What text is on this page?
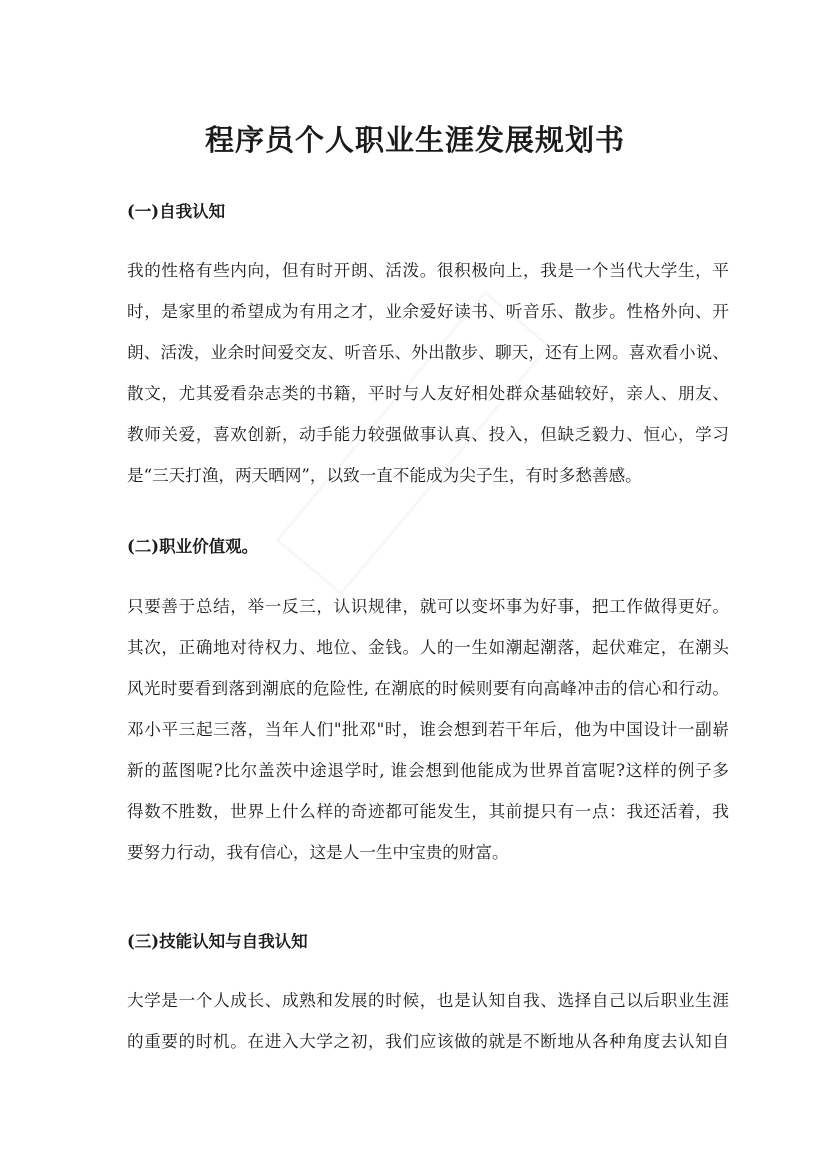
程序员个人职业生涯发展规划书
(一)自我认知
我的性格有些内向，但有时开朗、活泼。很积极向上，我是一个当代大学生，平
时，是家里的希望成为有用之才，业余爱好读书、听音乐、散步。性格外向、开
朗、活泼，业余时间爱交友、听音乐、外出散步、聊天，还有上网。喜欢看小说、
散文，尤其爱看杂志类的书籍，平时与人友好相处群众基础较好，亲人、朋友、
教师关爱，喜欢创新，动手能力较强做事认真、投入，但缺乏毅力、恒心，学习
是“三天打渔，两天晒网”，以致一直不能成为尖子生，有时多愁善感。
(二)职业价值观。
只要善于总结，举一反三，认识规律，就可以变坏事为好事，把工作做得更好。
其次，正确地对待权力、地位、金钱。人的一生如潮起潮落，起伏难定，在潮头
风光时要看到落到潮底的危险性, 在潮底的时候则要有向高峰冲击的信心和行动。
邓小平三起三落，当年人们"批邓"时，谁会想到若干年后，他为中国设计一副崭
新的蓝图呢?比尔盖茨中途退学时, 谁会想到他能成为世界首富呢?这样的例子多
得数不胜数，世界上什么样的奇迹都可能发生，其前提只有一点：我还活着，我
要努力行动，我有信心，这是人一生中宝贵的财富。
(三)技能认知与自我认知
大学是一个人成长、成熟和发展的时候，也是认知自我、选择自己以后职业生涯
的重要的时机。在进入大学之初，我们应该做的就是不断地从各种角度去认知自
